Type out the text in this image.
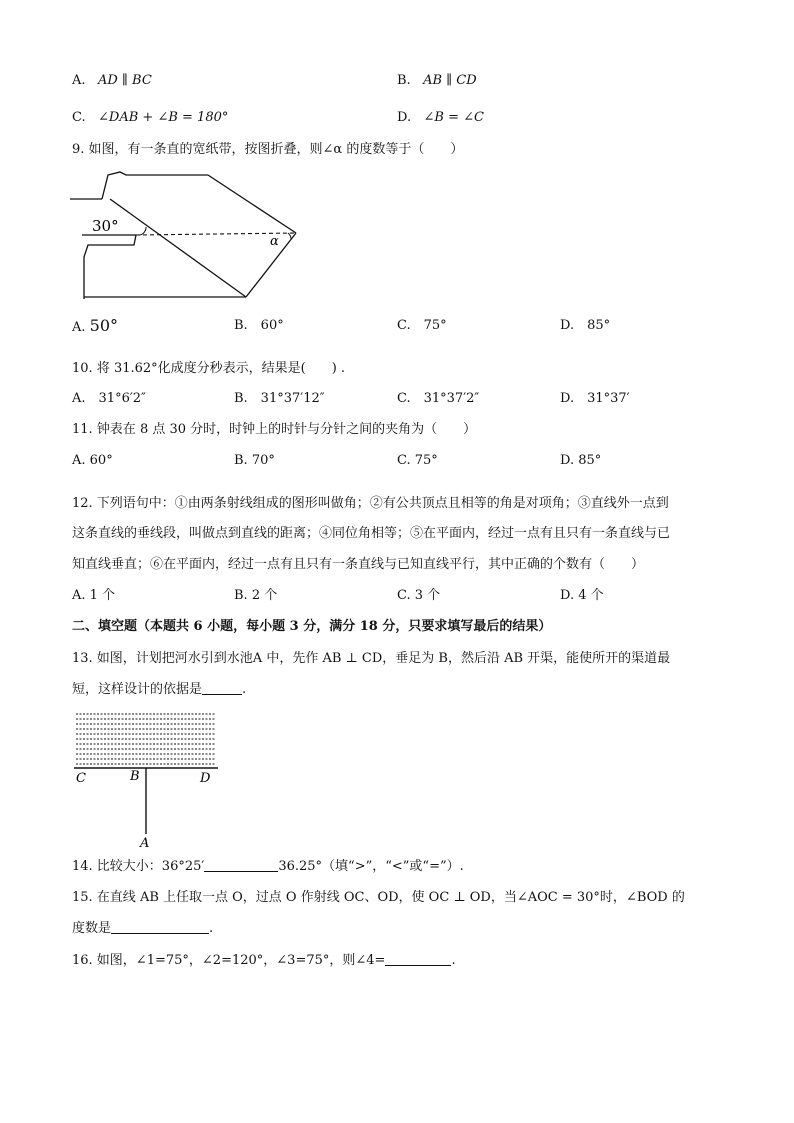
A. AD ∥ BC	B. AB ∥ CD
C. ∠DAB + ∠B = 180°	D. ∠B = ∠C
9. 如图，有一条直的宽纸带，按图折叠，则∠α 的度数等于（　　）
30°
α
A. 50°	B.　60°	C.　75°	D.　85°
10. 将 31.62°化成度分秒表示，结果是(　　) .
A.　31°6′2″	B.　31°37′12″	C.　31°37′2″	D.　31°37′
11. 钟表在 8 点 30 分时，时钟上的时针与分针之间的夹角为（　　）
A. 60°	B. 70°	C. 75°	D. 85°
12. 下列语句中：①由两条射线组成的图形叫做角；②有公共顶点且相等的角是对项角；③直线外一点到
这条直线的垂线段，叫做点到直线的距离；④同位角相等；⑤在平面内，经过一点有且只有一条直线与已
知直线垂直；⑥在平面内，经过一点有且只有一条直线与已知直线平行，其中正确的个数有（　　）
A. 1 个	B. 2 个	C. 3 个	D. 4 个
二、填空题（本题共 6 小题，每小题 3 分，满分 18 分，只要求填写最后的结果）
13. 如图，计划把河水引到水池A 中，先作 AB ⊥ CD，垂足为 B，然后沿 AB 开渠，能使所开的渠道最
短，这样设计的依据是	.
C	B	D
A
14. 比较大小：36°25′	36.25°（填“>”，“<”或“=”）.
15. 在直线 AB 上任取一点 O，过点 O 作射线 OC、OD，使 OC ⊥ OD，当∠AOC = 30°时，∠BOD 的
度数是	.
16. 如图，∠1=75°，∠2=120°，∠3=75°，则∠4=	.
